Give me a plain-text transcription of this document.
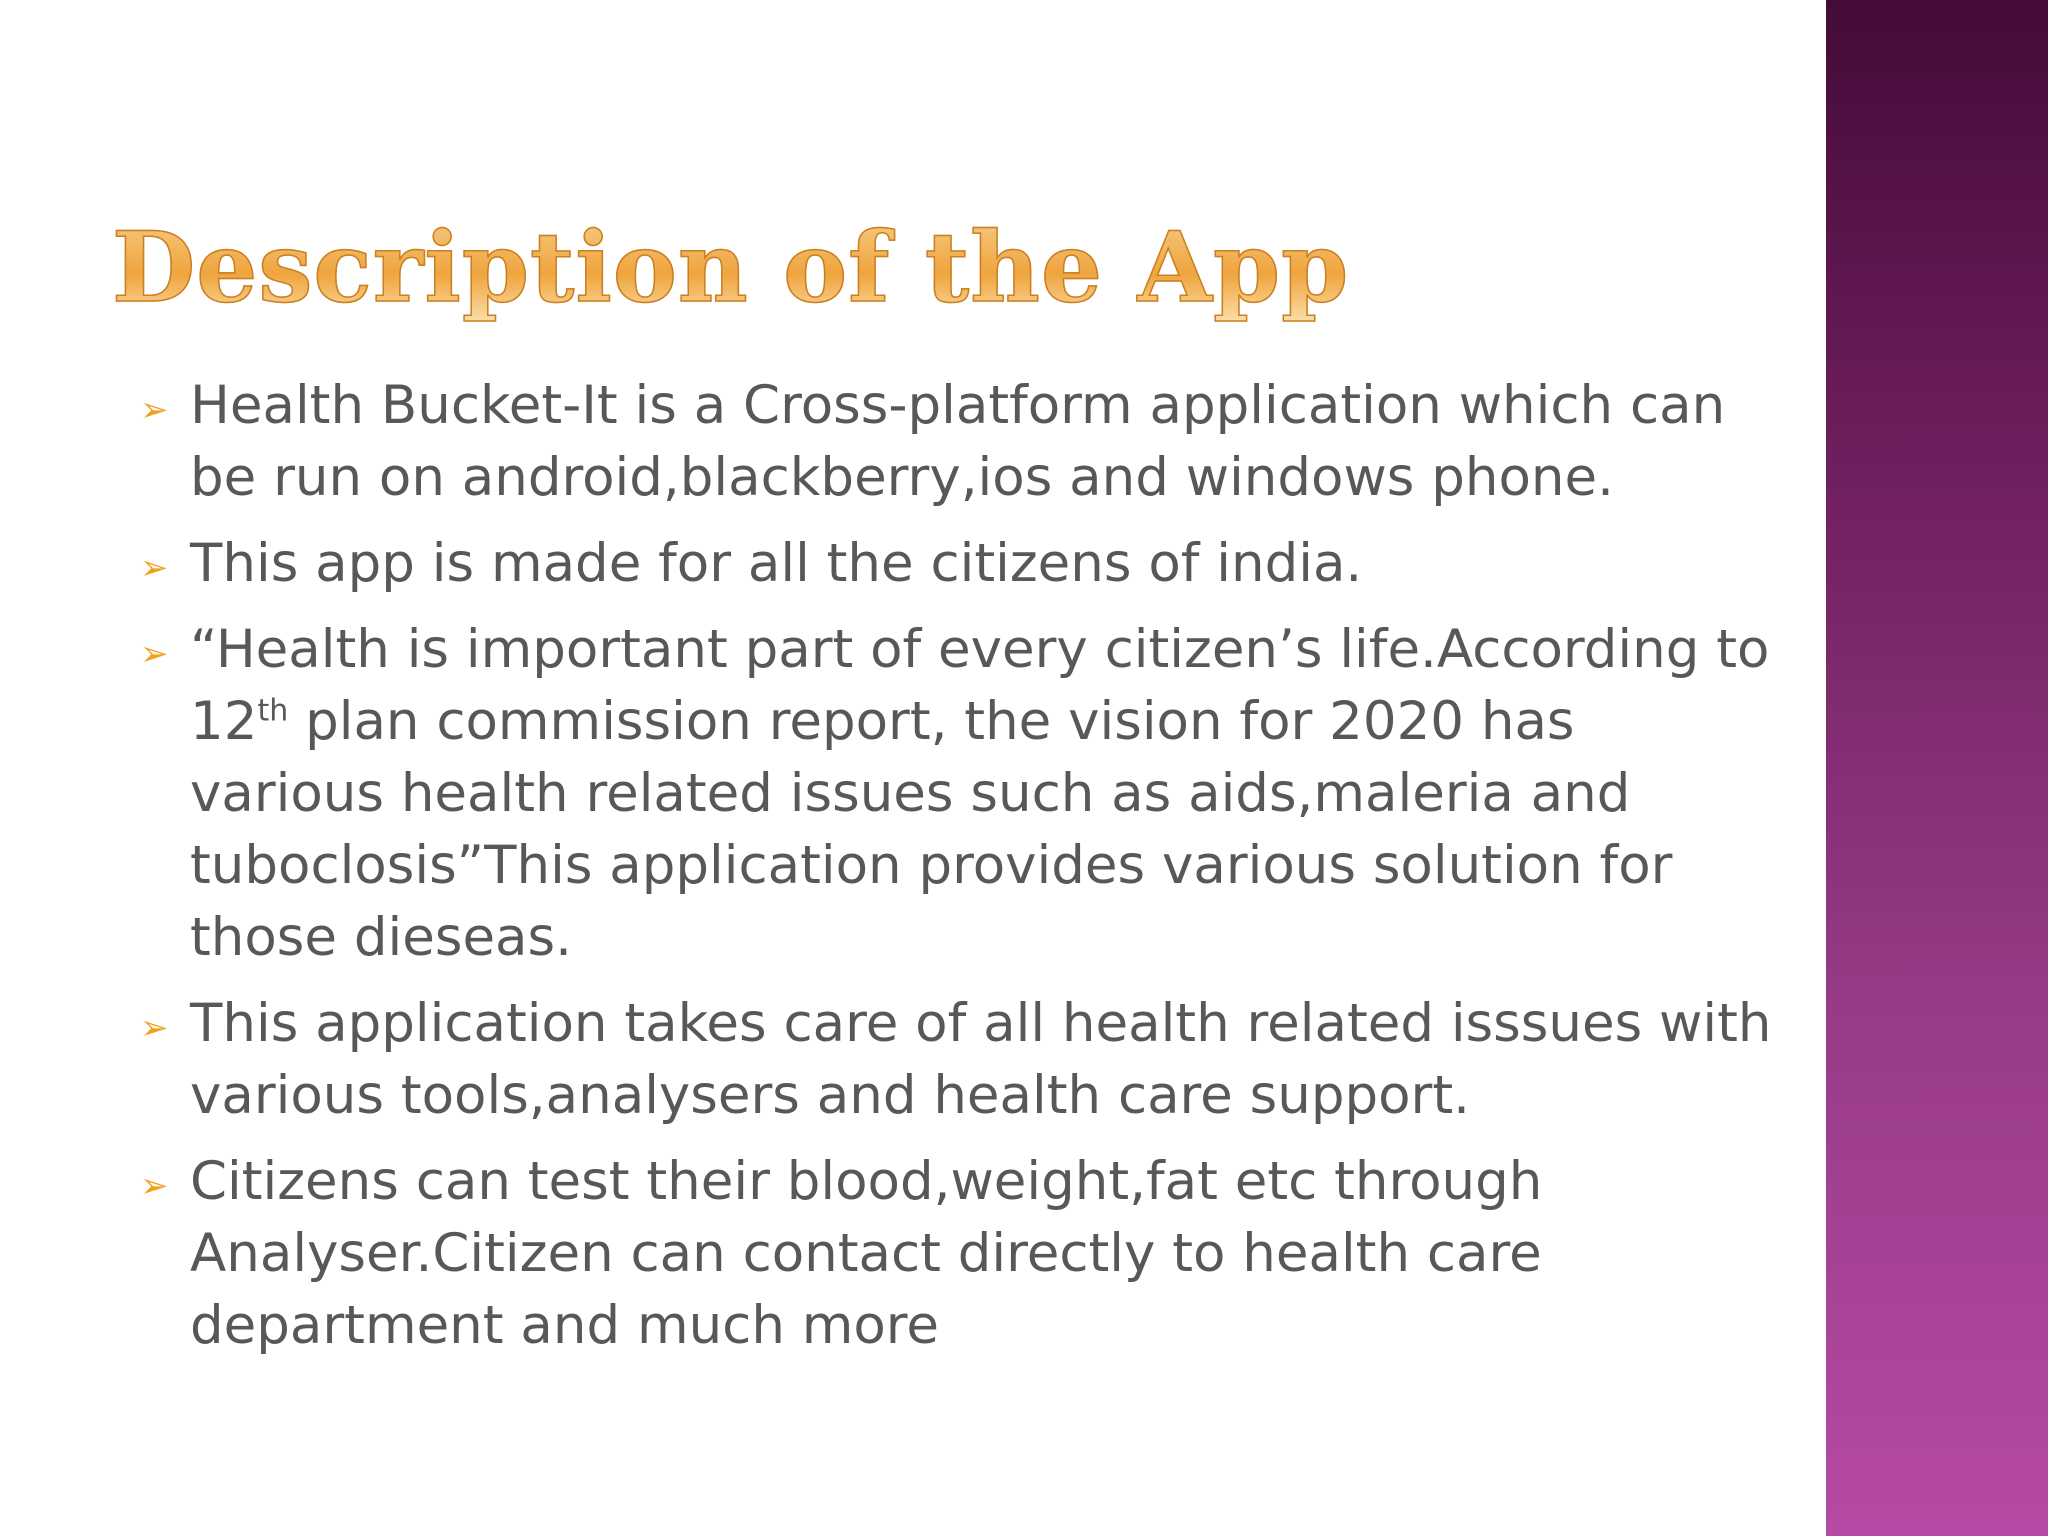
Description of the App
➢ Health Bucket-It is a Cross-platform application which can be run on android,blackberry,ios and windows phone.
➢ This app is made for all the citizens of india.
➢ “Health is important part of every citizen’s life.According to 12th plan commission report, the vision for 2020 has various health related issues such as aids,maleria and tuboclosis”This application provides various solution for those dieseas.
➢ This application takes care of all health related isssues with various tools,analysers and health care support.
➢ Citizens can test their blood,weight,fat etc through Analyser.Citizen can contact directly to health care department and much more
